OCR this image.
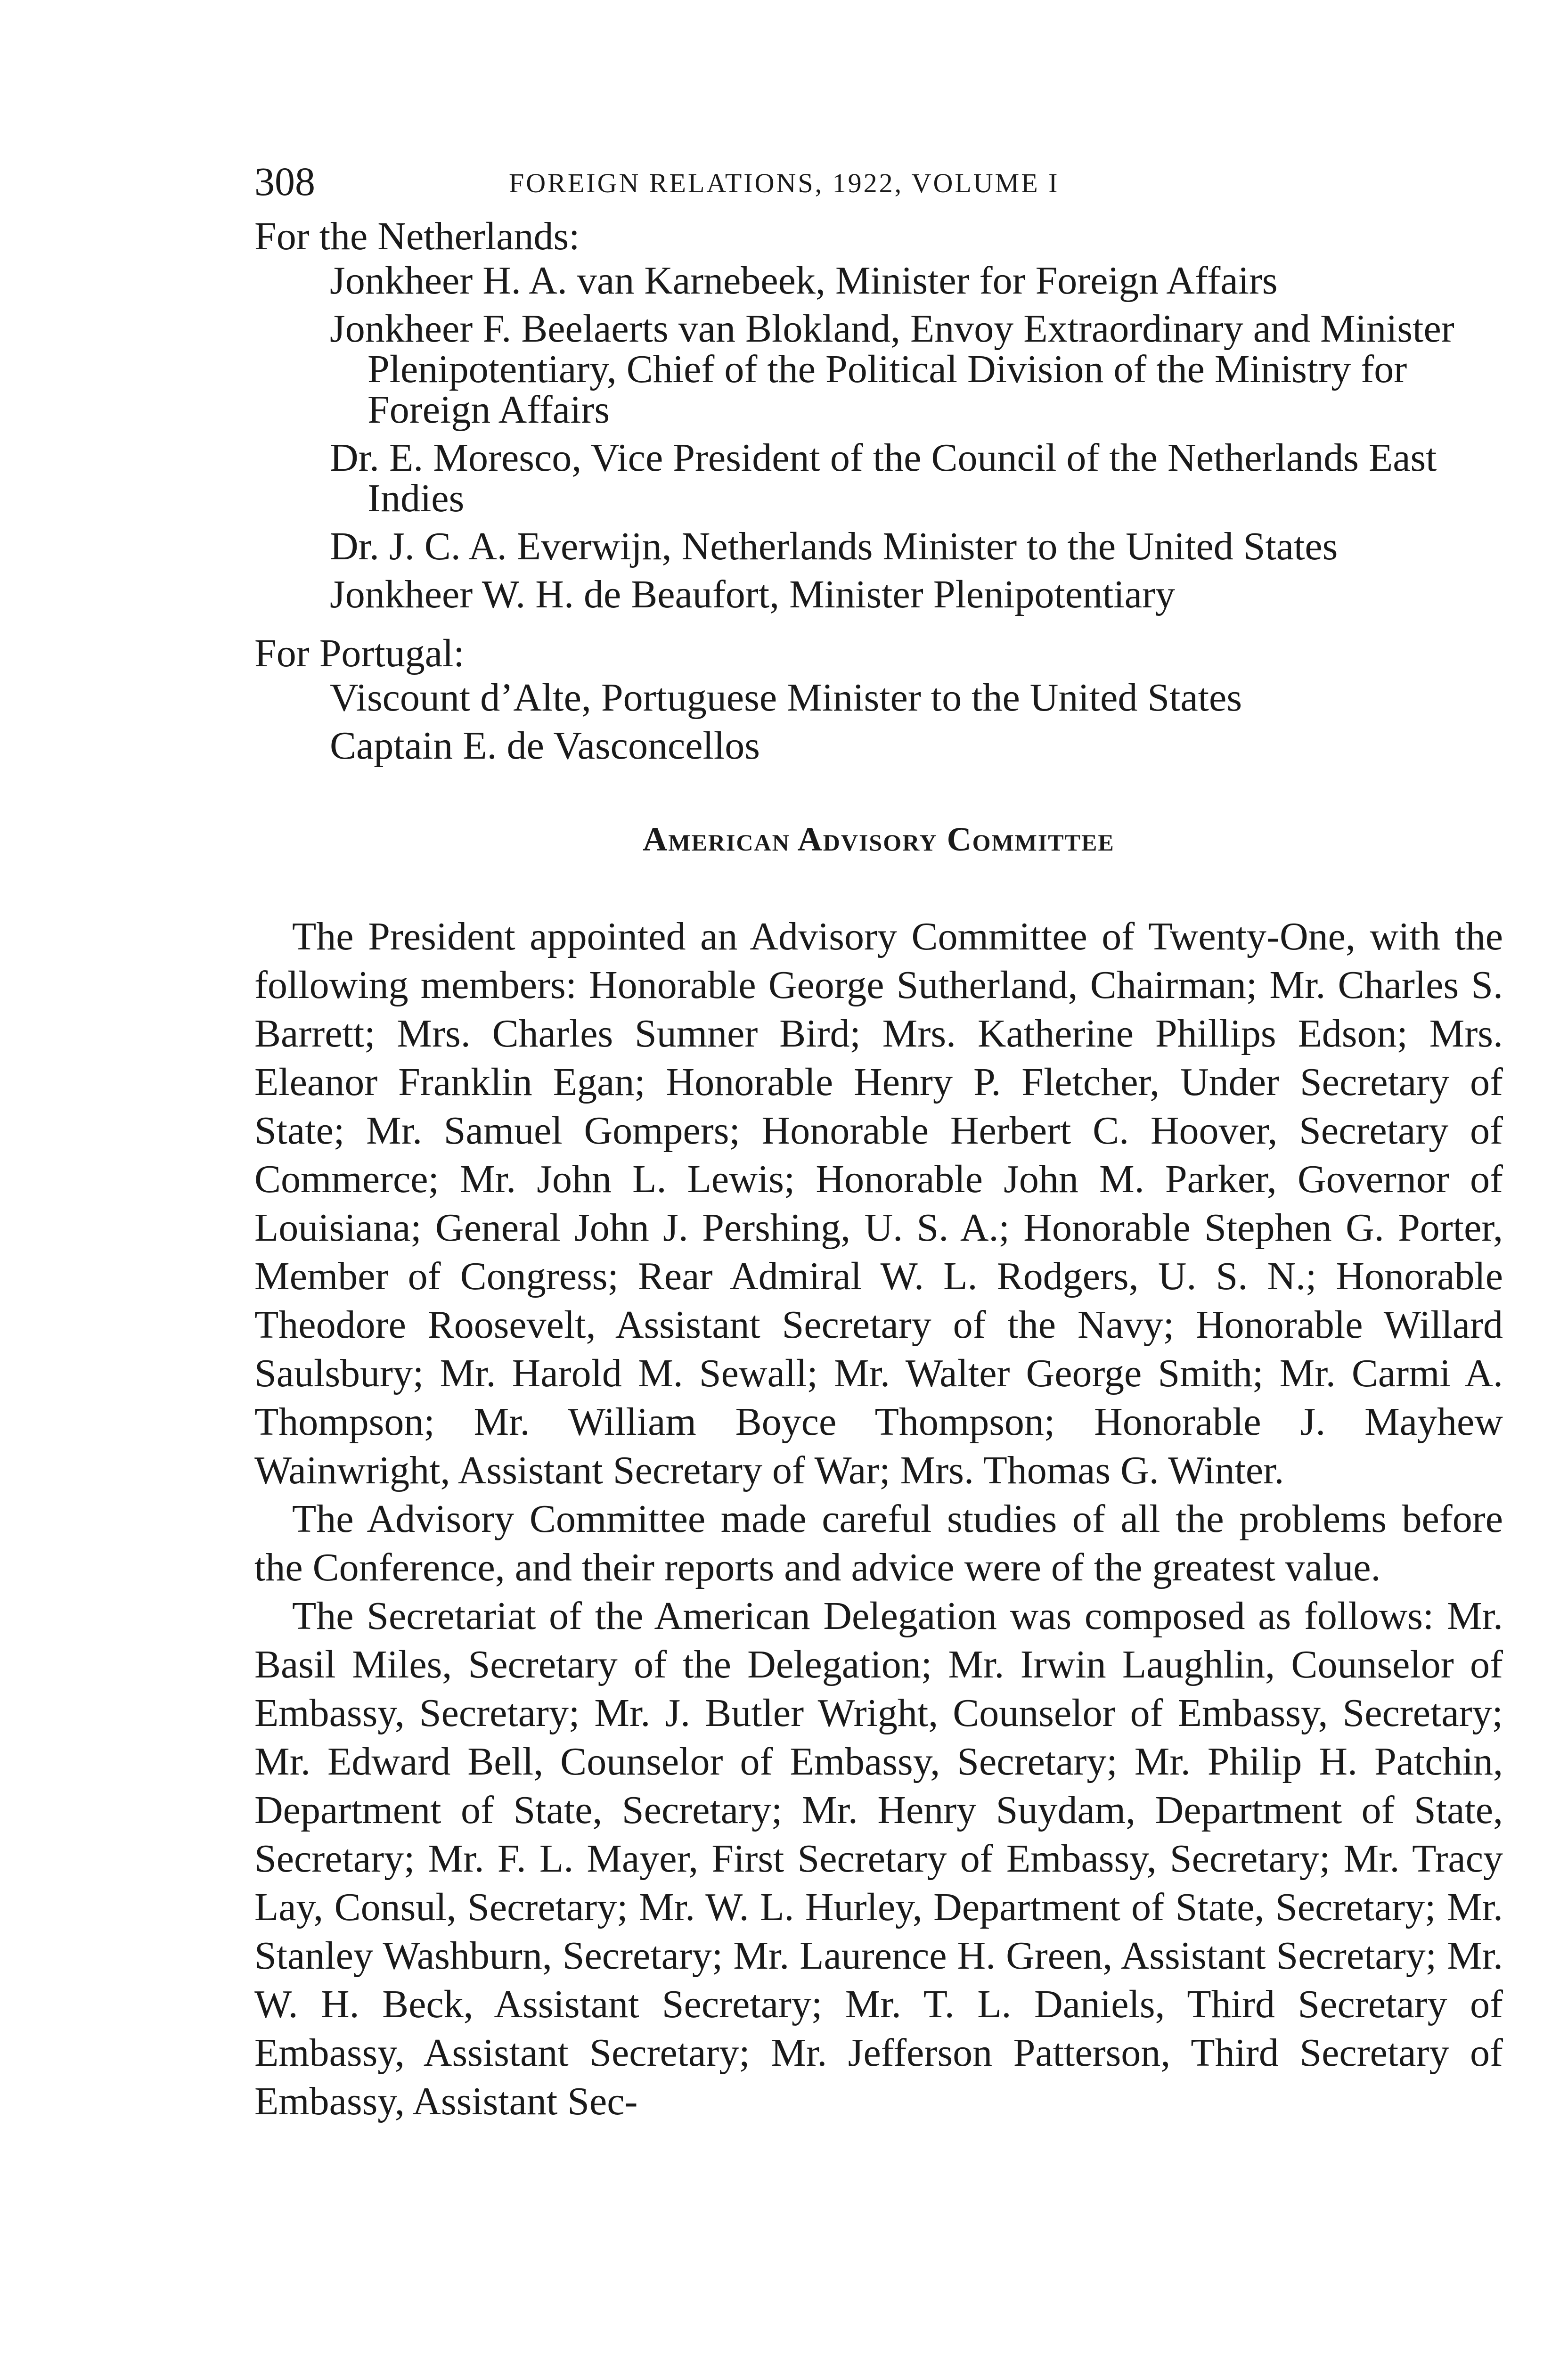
308	FOREIGN RELATIONS, 1922, VOLUME I

For the Netherlands:

Jonkheer H. A. van Karnebeek, Minister for Foreign Affairs

Jonkheer F. Beelaerts van Blokland, Envoy Extraordinary and Minister Plenipotentiary, Chief of the Political Division of the Ministry for Foreign Affairs

Dr. E. Moresco, Vice President of the Council of the Netherlands East Indies

Dr. J. C. A. Everwijn, Netherlands Minister to the United States

Jonkheer W. H. de Beaufort, Minister Plenipotentiary

For Portugal:

Viscount d’Alte, Portuguese Minister to the United States

Captain E. de Vasconcellos

American Advisory Committee

The President appointed an Advisory Committee of Twenty-One, with the following members: Honorable George Sutherland, Chairman; Mr. Charles S. Barrett; Mrs. Charles Sumner Bird; Mrs. Katherine Phillips Edson; Mrs. Eleanor Franklin Egan; Honorable Henry P. Fletcher, Under Secretary of State; Mr. Samuel Gompers; Honorable Herbert C. Hoover, Secretary of Commerce; Mr. John L. Lewis; Honorable John M. Parker, Governor of Louisiana; General John J. Pershing, U. S. A.; Honorable Stephen G. Porter, Member of Congress; Rear Admiral W. L. Rodgers, U. S. N.; Honorable Theodore Roosevelt, Assistant Secretary of the Navy; Honorable Willard Saulsbury; Mr. Harold M. Sewall; Mr. Walter George Smith; Mr. Carmi A. Thompson; Mr. William Boyce Thompson; Honorable J. Mayhew Wainwright, Assistant Secretary of War; Mrs. Thomas G. Winter.

The Advisory Committee made careful studies of all the problems before the Conference, and their reports and advice were of the greatest value.

The Secretariat of the American Delegation was composed as follows: Mr. Basil Miles, Secretary of the Delegation; Mr. Irwin Laughlin, Counselor of Embassy, Secretary; Mr. J. Butler Wright, Counselor of Embassy, Secretary; Mr. Edward Bell, Counselor of Embassy, Secretary; Mr. Philip H. Patchin, Department of State, Secretary; Mr. Henry Suydam, Department of State, Secretary; Mr. F. L. Mayer, First Secretary of Embassy, Secretary; Mr. Tracy Lay, Consul, Secretary; Mr. W. L. Hurley, Department of State, Secretary; Mr. Stanley Washburn, Secretary; Mr. Laurence H. Green, Assistant Secretary; Mr. W. H. Beck, Assistant Secretary; Mr. T. L. Daniels, Third Secretary of Embassy, Assistant Secretary; Mr. Jefferson Patterson, Third Secretary of Embassy, Assistant Sec-
